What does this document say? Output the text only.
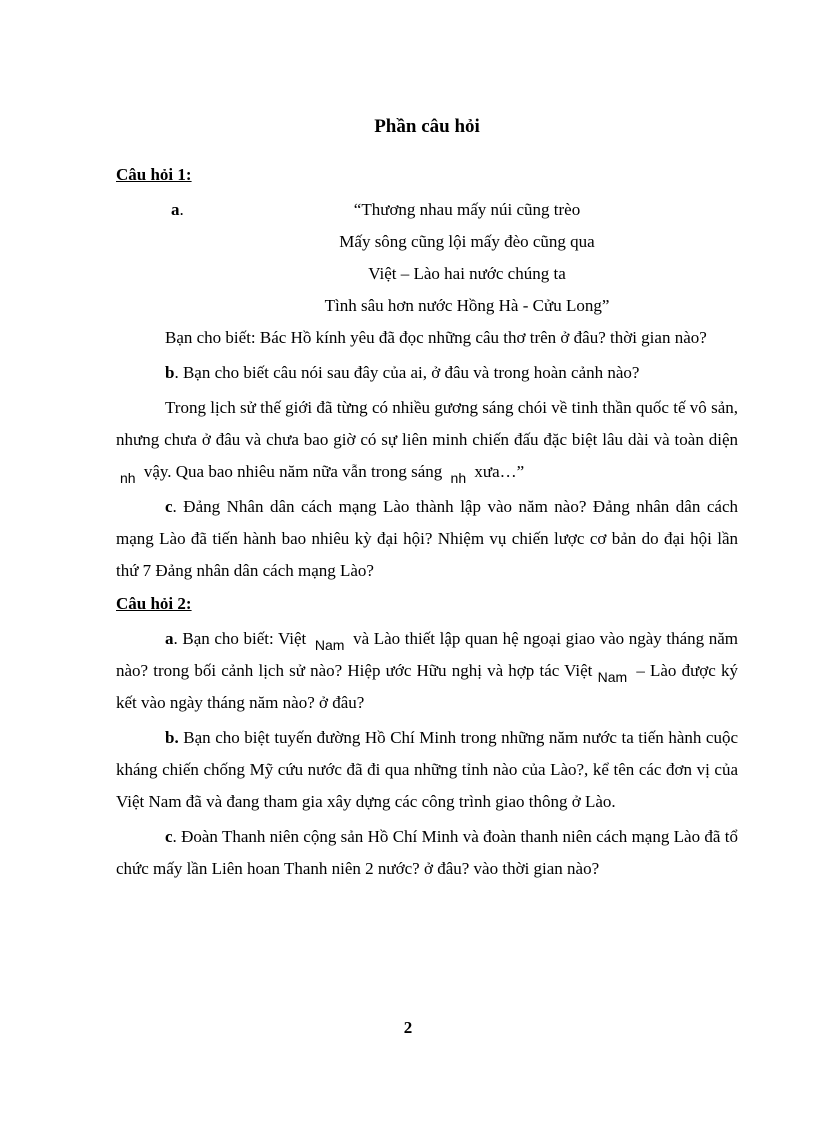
Phần câu hỏi
Câu hỏi 1:
a.	“Thương nhau mấy núi cũng trèo
Mấy sông cũng lội mấy đèo cũng qua
Việt – Lào hai nước chúng ta
Tình sâu hơn nước Hồng Hà - Cửu Long”
Bạn cho biết: Bác Hồ kính yêu đã đọc những câu thơ trên ở đâu? thời gian nào?
b. Bạn cho biết câu nói sau đây của ai, ở đâu và trong hoàn cảnh nào?
Trong lịch sử thế giới đã từng có nhiều gương sáng chói về tinh thần quốc tế vô sản, nhưng chưa ở đâu và chưa bao giờ có sự liên minh chiến đấu đặc biệt lâu dài và toàn diện $_{nh}$ vậy. Qua bao nhiêu năm nữa vẫn trong sáng $_{nh}$ xưa…”
c. Đảng Nhân dân cách mạng Lào thành lập vào năm nào? Đảng nhân dân cách mạng Lào đã tiến hành bao nhiêu kỳ đại hội? Nhiệm vụ chiến lược cơ bản do đại hội lần thứ 7 Đảng nhân dân cách mạng Lào?
Câu hỏi 2:
a. Bạn cho biết: Việt $_{Nam}$ và Lào thiết lập quan hệ ngoại giao vào ngày tháng năm nào? trong bối cảnh lịch sử nào? Hiệp ước Hữu nghị và hợp tác Việt $_{Nam}$ – Lào được ký kết vào ngày tháng năm nào? ở đâu?
b. Bạn cho biệt tuyến đường Hồ Chí Minh trong những năm nước ta tiến hành cuộc kháng chiến chống Mỹ cứu nước đã đi qua những tỉnh nào của Lào?, kể tên các đơn vị của Việt Nam đã và đang tham gia xây dựng các công trình giao thông ở Lào.
c. Đoàn Thanh niên cộng sản Hồ Chí Minh và đoàn thanh niên cách mạng Lào đã tổ chức mấy lần Liên hoan Thanh niên 2 nước? ở đâu? vào thời gian nào?
2
